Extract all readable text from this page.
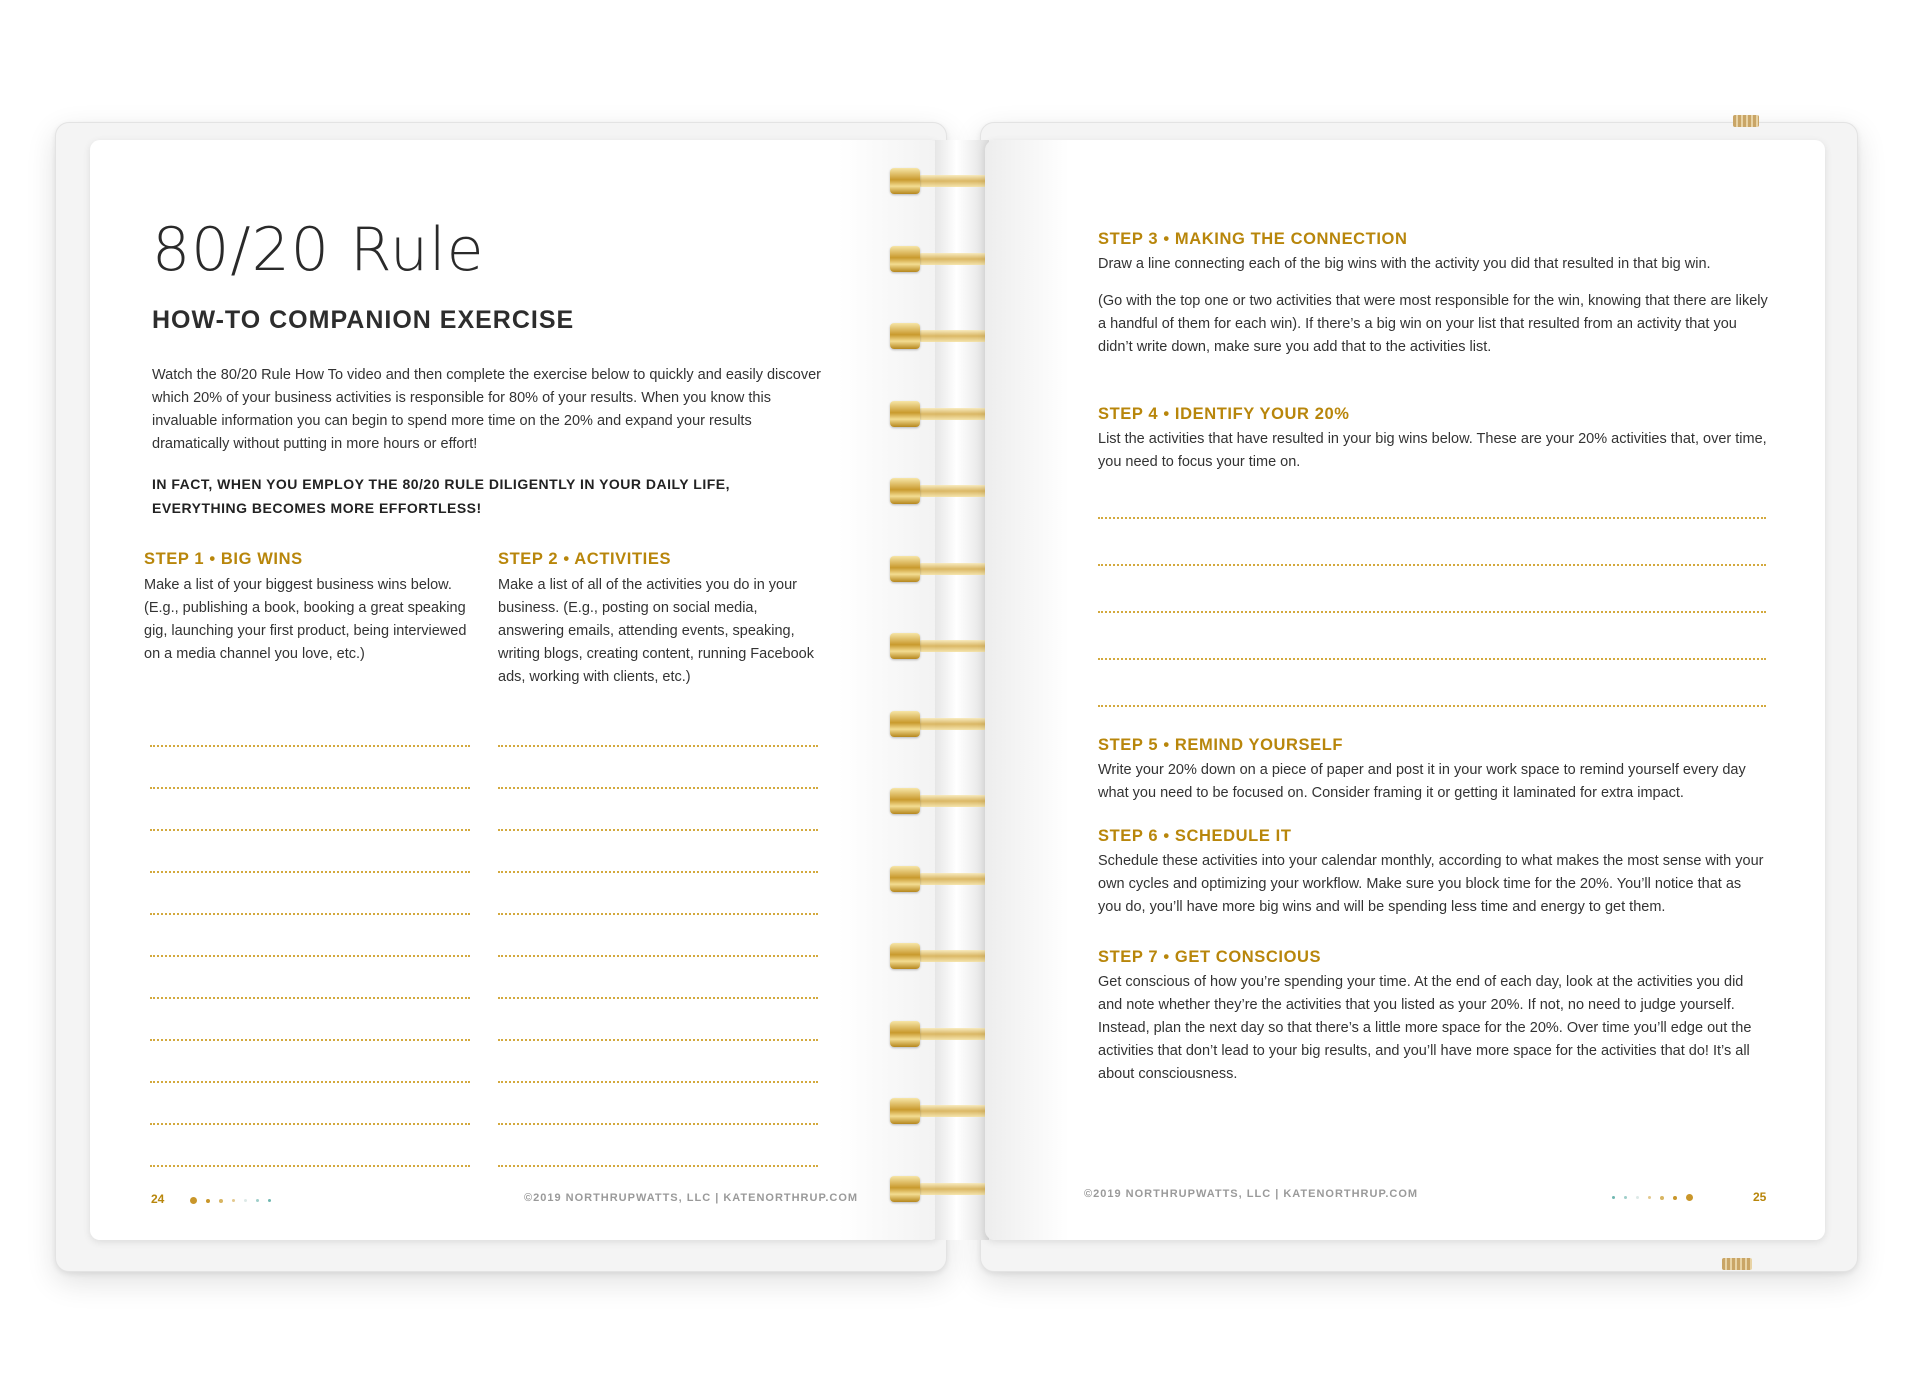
80/20 Rule
HOW-TO COMPANION EXERCISE
Watch the 80/20 Rule How To video and then complete the exercise below to quickly and easily discover which 20% of your business activities is responsible for 80% of your results. When you know this invaluable information you can begin to spend more time on the 20% and expand your results dramatically without putting in more hours or effort!
IN FACT, WHEN YOU EMPLOY THE 80/20 RULE DILIGENTLY IN YOUR DAILY LIFE, EVERYTHING BECOMES MORE EFFORTLESS!
STEP 1 • BIG WINS
Make a list of your biggest business wins below. (E.g., publishing a book, booking a great speaking gig, launching your first product, being interviewed on a media channel you love, etc.)
STEP 2 • ACTIVITIES
Make a list of all of the activities you do in your business. (E.g., posting on social media, answering emails, attending events, speaking, writing blogs, creating content, running Facebook ads, working with clients, etc.)
24	©2019 NORTHRUPWATTS, LLC | KATENORTHRUP.COM
STEP 3 • MAKING THE CONNECTION
Draw a line connecting each of the big wins with the activity you did that resulted in that big win.
(Go with the top one or two activities that were most responsible for the win, knowing that there are likely a handful of them for each win). If there’s a big win on your list that resulted from an activity that you didn’t write down, make sure you add that to the activities list.
STEP 4 • IDENTIFY YOUR 20%
List the activities that have resulted in your big wins below. These are your 20% activities that, over time, you need to focus your time on.
STEP 5 • REMIND YOURSELF
Write your 20% down on a piece of paper and post it in your work space to remind yourself every day what you need to be focused on. Consider framing it or getting it laminated for extra impact.
STEP 6 • SCHEDULE IT
Schedule these activities into your calendar monthly, according to what makes the most sense with your own cycles and optimizing your workflow. Make sure you block time for the 20%. You’ll notice that as you do, you’ll have more big wins and will be spending less time and energy to get them.
STEP 7 • GET CONSCIOUS
Get conscious of how you’re spending your time. At the end of each day, look at the activities you did and note whether they’re the activities that you listed as your 20%. If not, no need to judge yourself. Instead, plan the next day so that there’s a little more space for the 20%. Over time you’ll edge out the activities that don’t lead to your big results, and you’ll have more space for the activities that do! It’s all about consciousness.
©2019 NORTHRUPWATTS, LLC | KATENORTHRUP.COM	25
